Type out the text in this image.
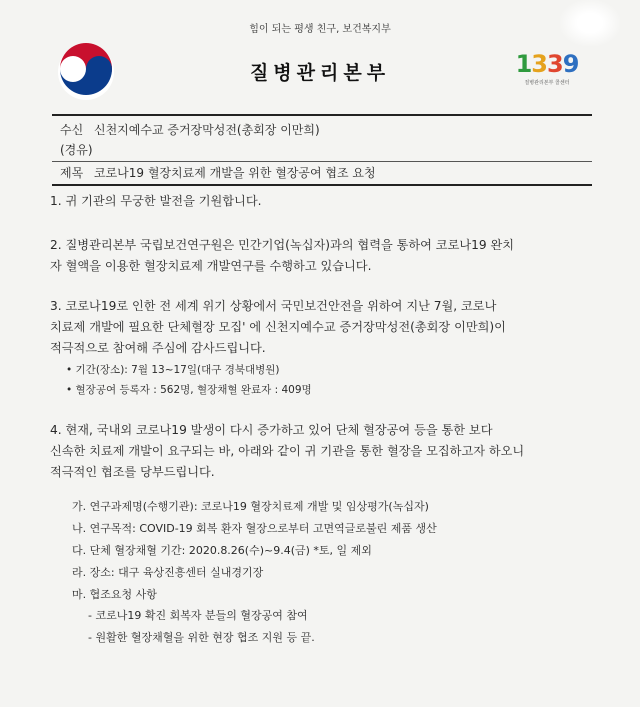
힘이 되는 평생 친구, 보건복지부
질병관리본부	1339
질병관리본부 콜센터
수신 신천지예수교 증거장막성전(총회장 이만희)
(경유)
제목 코로나19 혈장치료제 개발을 위한 혈장공여 협조 요청
1. 귀 기관의 무궁한 발전을 기원합니다.
2. 질병관리본부 국립보건연구원은 민간기업(녹십자)과의 협력을 통하여 코로나19 완치
자 혈액을 이용한 혈장치료제 개발연구를 수행하고 있습니다.
3. 코로나19로 인한 전 세계 위기 상황에서 국민보건안전을 위하여 지난 7월, 코로나
치료제 개발에 필요한 단체혈장 모집' 에 신천지예수교 증거장막성전(총회장 이만희)이
적극적으로 참여해 주심에 감사드립니다.
• 기간(장소): 7월 13~17일(대구 경북대병원)
• 혈장공여 등록자 : 562명, 혈장채혈 완료자 : 409명
4. 현재, 국내외 코로나19 발생이 다시 증가하고 있어 단체 혈장공여 등을 통한 보다
신속한 치료제 개발이 요구되는 바, 아래와 같이 귀 기관을 통한 혈장을 모집하고자 하오니
적극적인 협조를 당부드립니다.
가. 연구과제명(수행기관): 코로나19 혈장치료제 개발 및 임상평가(녹십자)
나. 연구목적: COVID-19 회복 환자 혈장으로부터 고면역글로불린 제품 생산
다. 단체 혈장채혈 기간: 2020.8.26(수)~9.4(금) *토, 일 제외
라. 장소: 대구 육상진흥센터 실내경기장
마. 협조요청 사항
- 코로나19 확진 회복자 분들의 혈장공여 참여
- 원활한 혈장채혈을 위한 현장 협조 지원 등 끝.
